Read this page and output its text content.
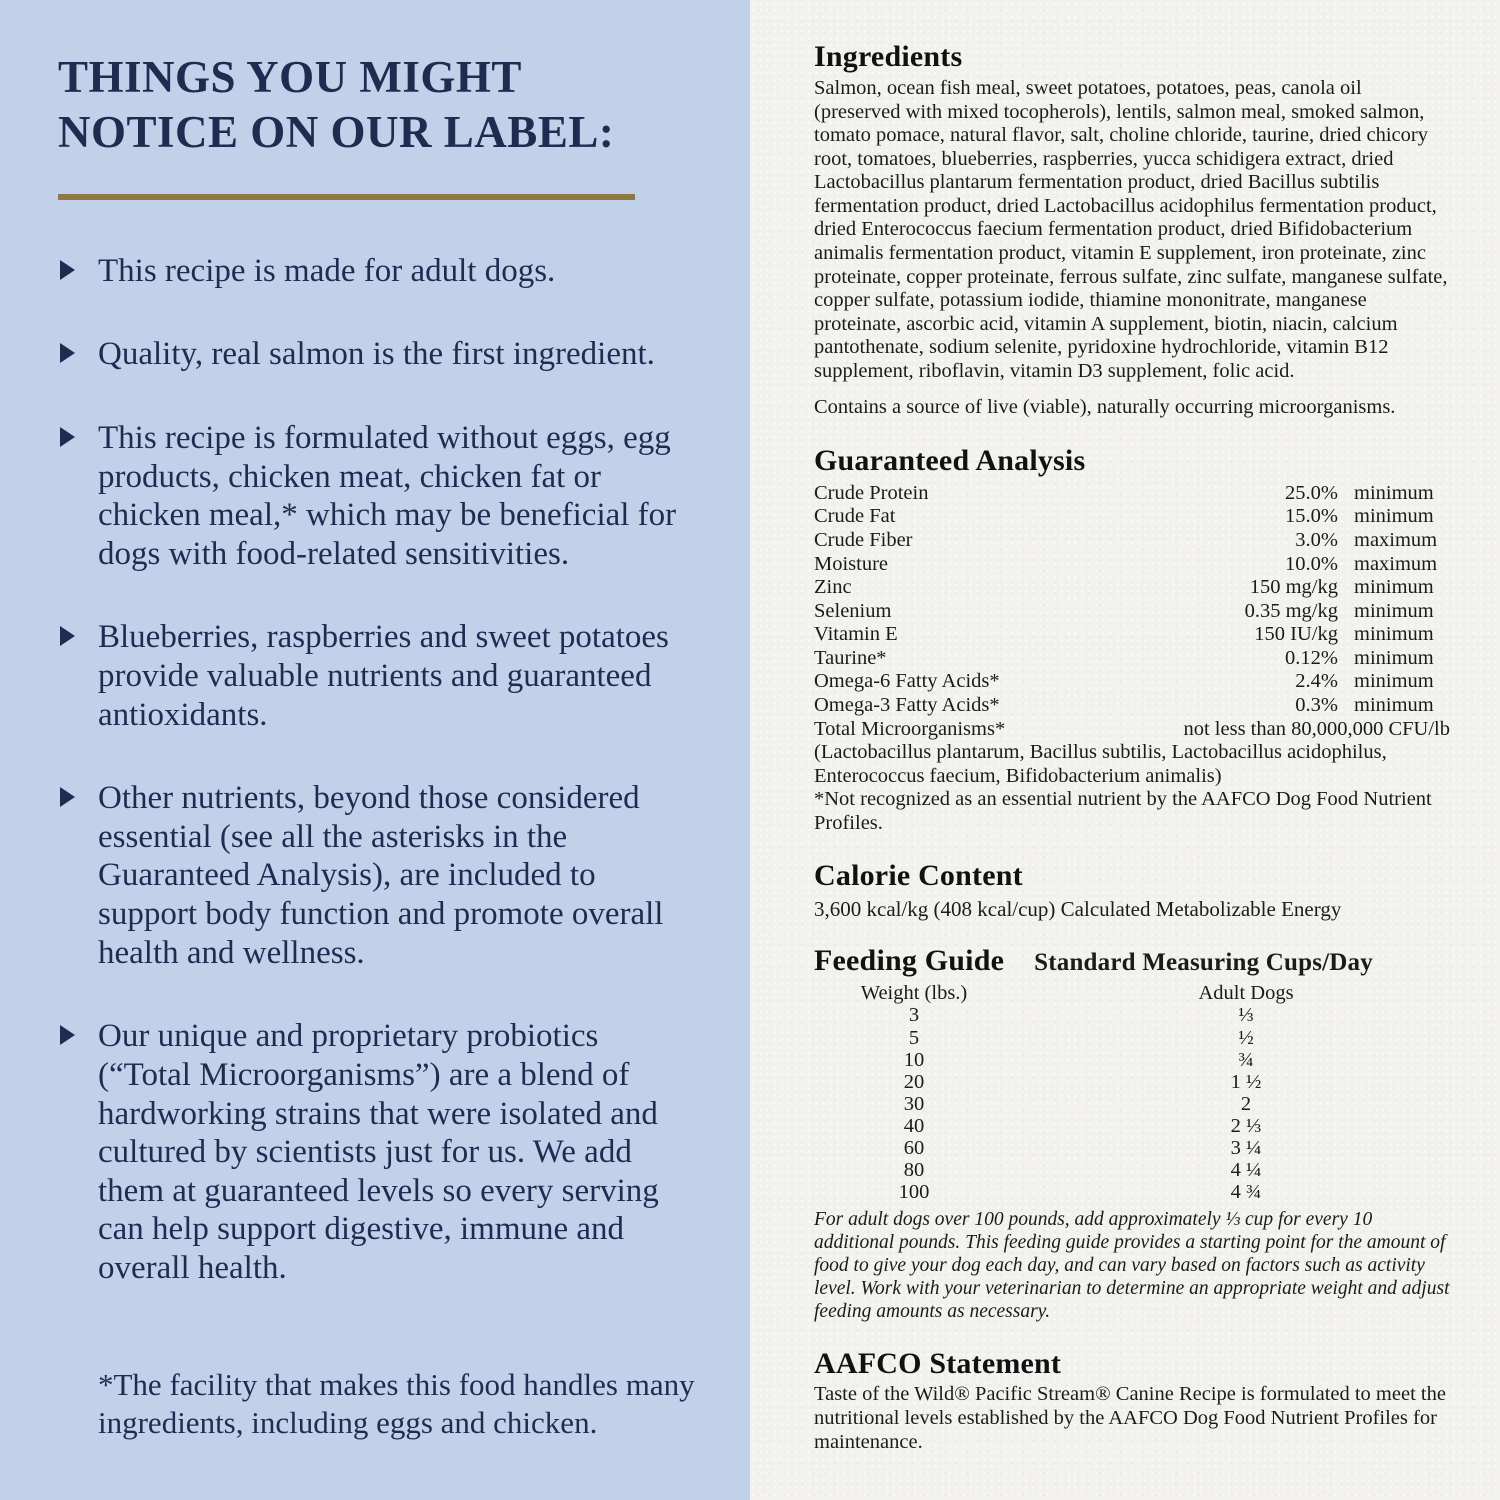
THINGS YOU MIGHT NOTICE ON OUR LABEL:
This recipe is made for adult dogs.
Quality, real salmon is the first ingredient.
This recipe is formulated without eggs, egg products, chicken meat, chicken fat or chicken meal,* which may be beneficial for dogs with food-related sensitivities.
Blueberries, raspberries and sweet potatoes provide valuable nutrients and guaranteed antioxidants.
Other nutrients, beyond those considered essential (see all the asterisks in the Guaranteed Analysis), are included to support body function and promote overall health and wellness.
Our unique and proprietary probiotics (“Total Microorganisms”) are a blend of hardworking strains that were isolated and cultured by scientists just for us. We add them at guaranteed levels so every serving can help support digestive, immune and overall health.

*The facility that makes this food handles many ingredients, including eggs and chicken.

Ingredients

Salmon, ocean fish meal, sweet potatoes, potatoes, peas, canola oil (preserved with mixed tocopherols), lentils, salmon meal, smoked salmon, tomato pomace, natural flavor, salt, choline chloride, taurine, dried chicory root, tomatoes, blueberries, raspberries, yucca schidigera extract, dried Lactobacillus plantarum fermentation product, dried Bacillus subtilis fermentation product, dried Lactobacillus acidophilus fermentation product, dried Enterococcus faecium fermentation product, dried Bifidobacterium animalis fermentation product, vitamin E supplement, iron proteinate, zinc proteinate, copper proteinate, ferrous sulfate, zinc sulfate, manganese sulfate, copper sulfate, potassium iodide, thiamine mononitrate, manganese proteinate, ascorbic acid, vitamin A supplement, biotin, niacin, calcium pantothenate, sodium selenite, pyridoxine hydrochloride, vitamin B12 supplement, riboflavin, vitamin D3 supplement, folic acid.

Contains a source of live (viable), naturally occurring microorganisms.

Guaranteed Analysis
Crude Protein	25.0% minimum
Crude Fat	15.0% minimum
Crude Fiber	3.0% maximum
Moisture	10.0% maximum
Zinc	150 mg/kg minimum
Selenium	0.35 mg/kg minimum
Vitamin E	150 IU/kg minimum
Taurine*	0.12% minimum
Omega-6 Fatty Acids*	2.4% minimum
Omega-3 Fatty Acids*	0.3% minimum
Total Microorganisms*	not less than 80,000,000 CFU/lb

(Lactobacillus plantarum, Bacillus subtilis, Lactobacillus acidophilus, Enterococcus faecium, Bifidobacterium animalis)

*Not recognized as an essential nutrient by the AAFCO Dog Food Nutrient Profiles.

Calorie Content

3,600 kcal/kg (408 kcal/cup) Calculated Metabolizable Energy

Feeding Guide Standard Measuring Cups/Day
Weight (lbs.)	Adult Dogs
3	⅓
5	½
10	¾
20	1 ½
30	2
40	2 ⅓
60	3 ¼
80	4 ¼
100	4 ¾

For adult dogs over 100 pounds, add approximately ⅓ cup for every 10 additional pounds. This feeding guide provides a starting point for the amount of food to give your dog each day, and can vary based on factors such as activity level. Work with your veterinarian to determine an appropriate weight and adjust feeding amounts as necessary.

AAFCO Statement

Taste of the Wild® Pacific Stream® Canine Recipe is formulated to meet the nutritional levels established by the AAFCO Dog Food Nutrient Profiles for maintenance.
